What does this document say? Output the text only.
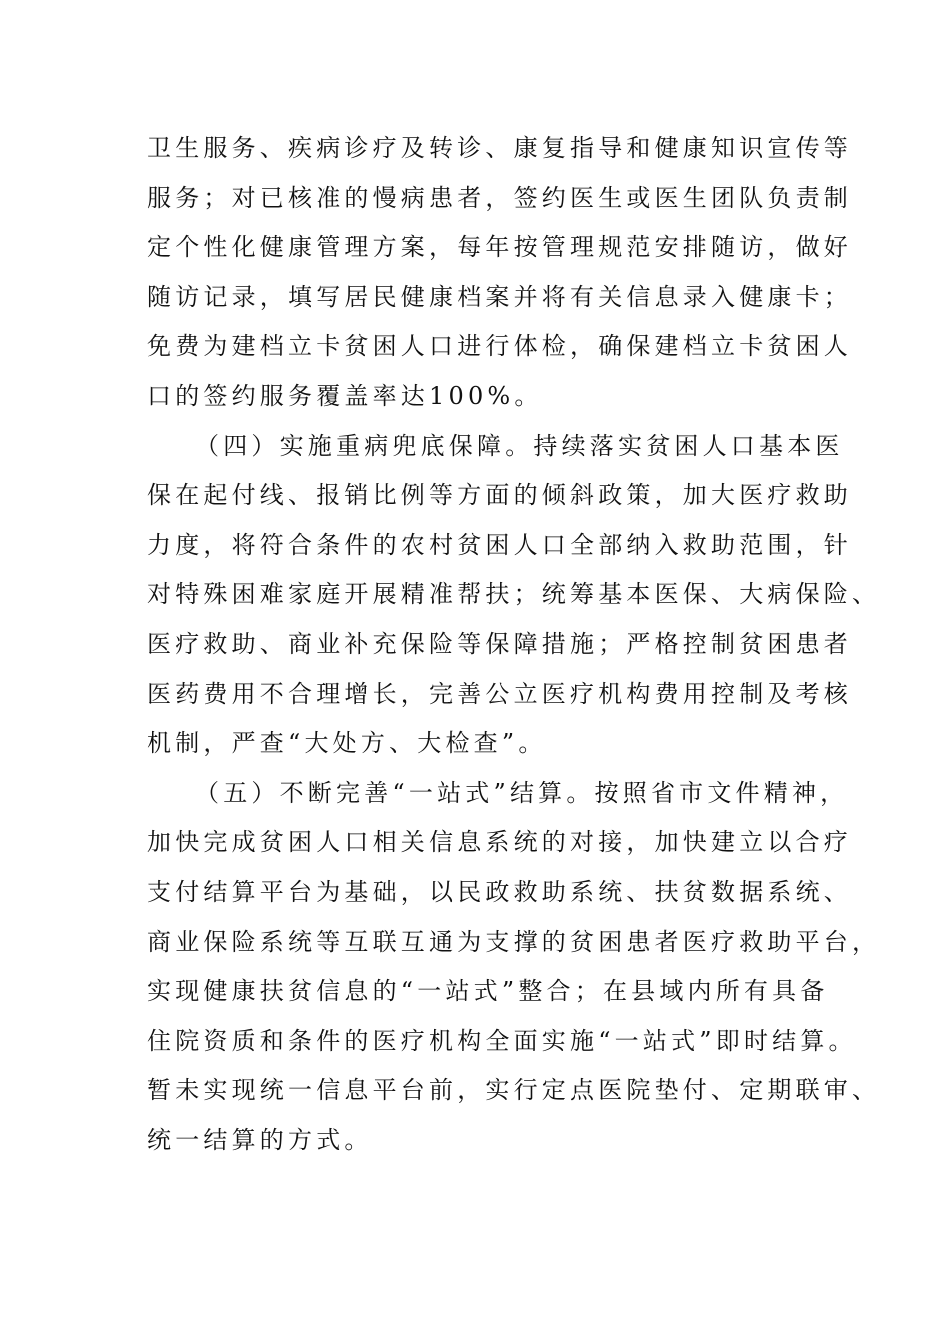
卫生服务、疾病诊疗及转诊、康复指导和健康知识宣传等
服务；对已核准的慢病患者，签约医生或医生团队负责制
定个性化健康管理方案，每年按管理规范安排随访，做好
随访记录，填写居民健康档案并将有关信息录入健康卡；
免费为建档立卡贫困人口进行体检，确保建档立卡贫困人
口的签约服务覆盖率达100%。
（四）实施重病兜底保障。持续落实贫困人口基本医
保在起付线、报销比例等方面的倾斜政策，加大医疗救助
力度，将符合条件的农村贫困人口全部纳入救助范围，针
对特殊困难家庭开展精准帮扶；统筹基本医保、大病保险、
医疗救助、商业补充保险等保障措施；严格控制贫困患者
医药费用不合理增长，完善公立医疗机构费用控制及考核
机制，严查“大处方、大检查”。
（五）不断完善“一站式”结算。按照省市文件精神，
加快完成贫困人口相关信息系统的对接，加快建立以合疗
支付结算平台为基础，以民政救助系统、扶贫数据系统、
商业保险系统等互联互通为支撑的贫困患者医疗救助平台，
实现健康扶贫信息的“一站式”整合；在县域内所有具备
住院资质和条件的医疗机构全面实施“一站式”即时结算。
暂未实现统一信息平台前，实行定点医院垫付、定期联审、
统一结算的方式。
